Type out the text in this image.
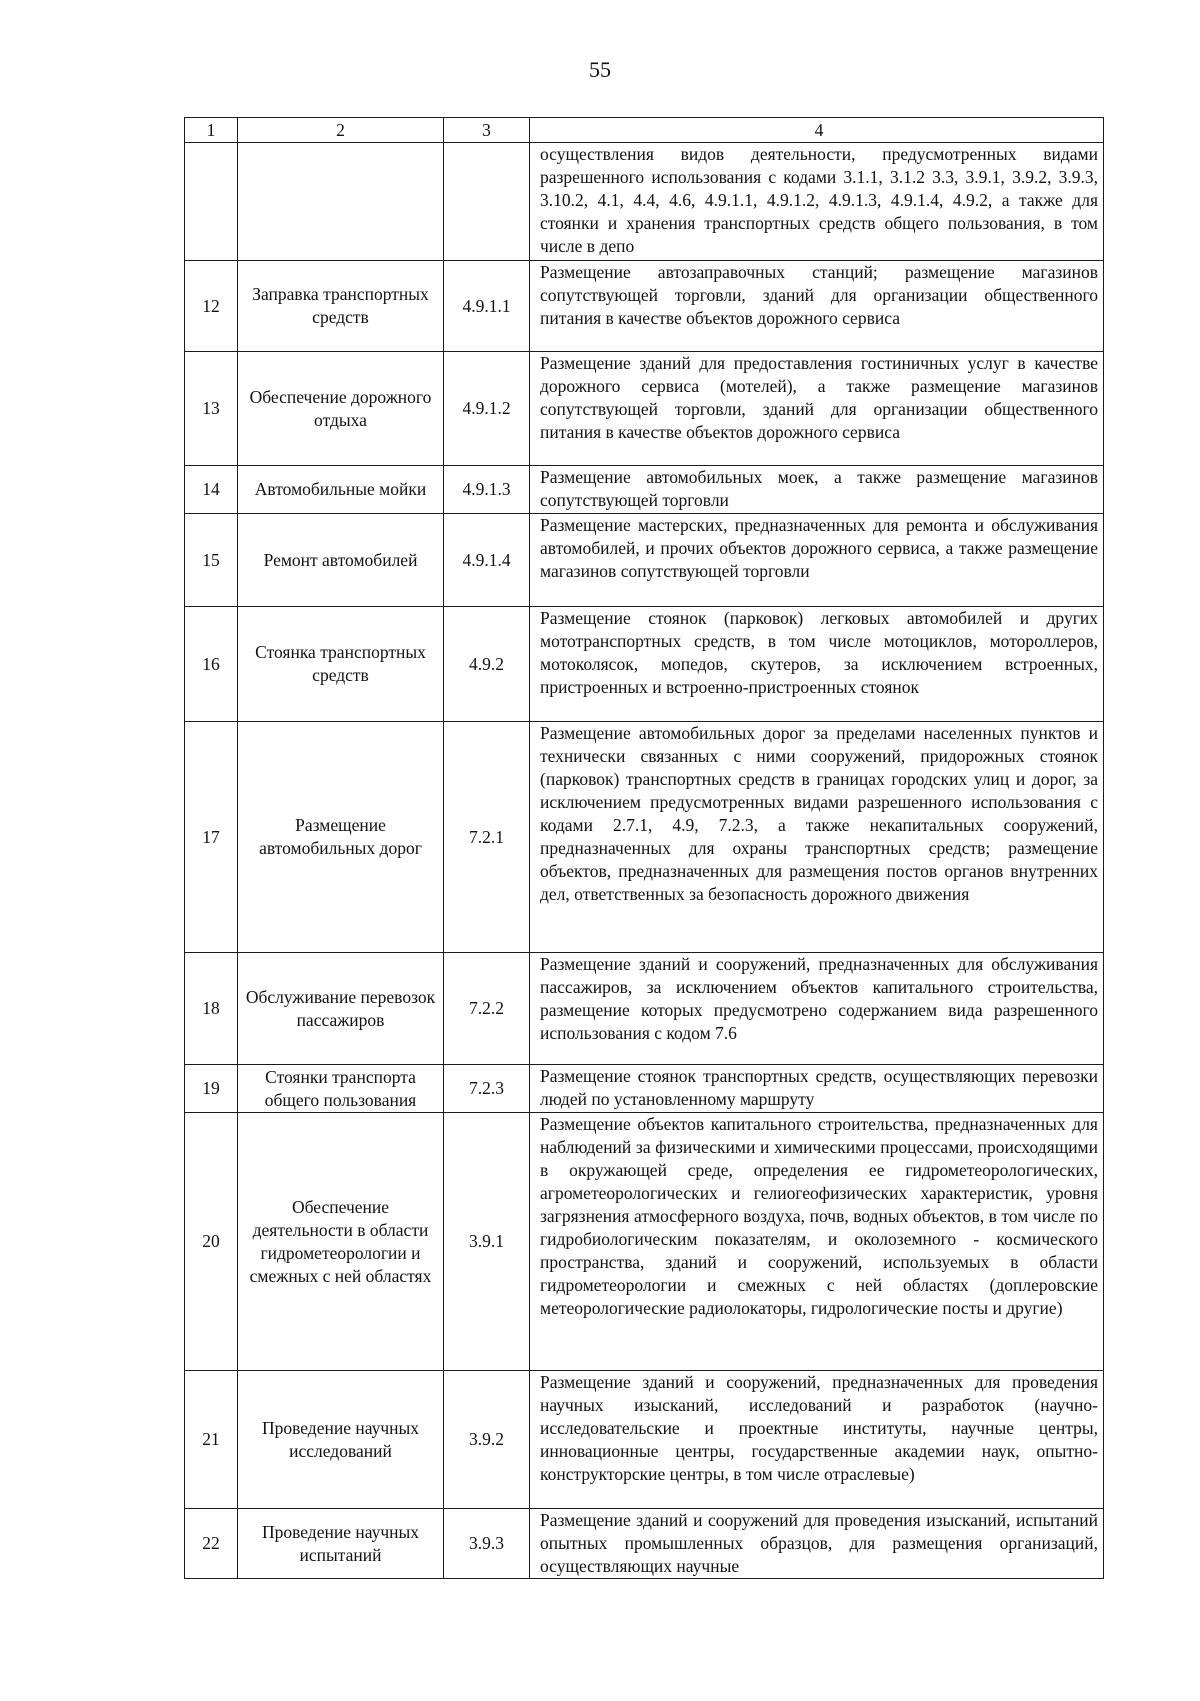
55
1	2	3	4
			осуществления видов деятельности, предусмотренных видами разрешенного использования с кодами 3.1.1, 3.1.2 3.3, 3.9.1, 3.9.2, 3.9.3, 3.10.2, 4.1, 4.4, 4.6, 4.9.1.1, 4.9.1.2, 4.9.1.3, 4.9.1.4, 4.9.2, а также для стоянки и хранения транспортных средств общего пользования, в том числе в депо
12	Заправка транспортных средств	4.9.1.1	Размещение автозаправочных станций; размещение магазинов сопутствующей торговли, зданий для организации общественного питания в качестве объектов дорожного сервиса
13	Обеспечение дорожного отдыха	4.9.1.2	Размещение зданий для предоставления гостиничных услуг в качестве дорожного сервиса (мотелей), а также размещение магазинов сопутствующей торговли, зданий для организации общественного питания в качестве объектов дорожного сервиса
14	Автомобильные мойки	4.9.1.3	Размещение автомобильных моек, а также размещение магазинов сопутствующей торговли
15	Ремонт автомобилей	4.9.1.4	Размещение мастерских, предназначенных для ремонта и обслуживания автомобилей, и прочих объектов дорожного сервиса, а также размещение магазинов сопутствующей торговли
16	Стоянка транспортных средств	4.9.2	Размещение стоянок (парковок) легковых автомобилей и других мототранспортных средств, в том числе мотоциклов, мотороллеров, мотоколясок, мопедов, скутеров, за исключением встроенных, пристроенных и встроенно-пристроенных стоянок
17	Размещение автомобильных дорог	7.2.1	Размещение автомобильных дорог за пределами населенных пунктов и технически связанных с ними сооружений, придорожных стоянок (парковок) транспортных средств в границах городских улиц и дорог, за исключением предусмотренных видами разрешенного использования с кодами 2.7.1, 4.9, 7.2.3, а также некапитальных сооружений, предназначенных для охраны транспортных средств; размещение объектов, предназначенных для размещения постов органов внутренних дел, ответственных за безопасность дорожного движения
18	Обслуживание перевозок пассажиров	7.2.2	Размещение зданий и сооружений, предназначенных для обслуживания пассажиров, за исключением объектов капитального строительства, размещение которых предусмотрено содержанием вида разрешенного использования с кодом 7.6
19	Стоянки транспорта общего пользования	7.2.3	Размещение стоянок транспортных средств, осуществляющих перевозки людей по установленному маршруту
20	Обеспечение деятельности в области гидрометеорологии и смежных с ней областях	3.9.1	Размещение объектов капитального строительства, предназначенных для наблюдений за физическими и химическими процессами, происходящими в окружающей среде, определения ее гидрометеорологических, агрометеорологических и гелиогеофизических характеристик, уровня загрязнения атмосферного воздуха, почв, водных объектов, в том числе по гидробиологическим показателям, и околоземного - космического пространства, зданий и сооружений, используемых в области гидрометеорологии и смежных с ней областях (доплеровские метеорологические радиолокаторы, гидрологические посты и другие)
21	Проведение научных исследований	3.9.2	Размещение зданий и сооружений, предназначенных для проведения научных изысканий, исследований и разработок (научно-исследовательские и проектные институты, научные центры, инновационные центры, государственные академии наук, опытно-конструкторские центры, в том числе отраслевые)
22	Проведение научных испытаний	3.9.3	Размещение зданий и сооружений для проведения изысканий, испытаний опытных промышленных образцов, для размещения организаций, осуществляющих научные
